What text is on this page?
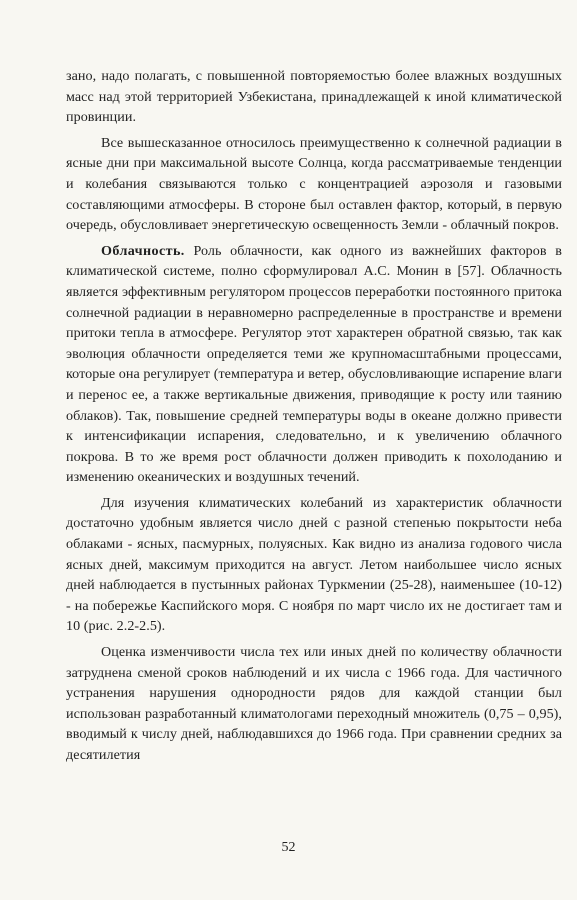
зано, надо полагать, с повышенной повторяемостью более влажных воздушных масс над этой территорией Узбекистана, принадлежащей к иной климатической провинции.

Все вышесказанное относилось преимущественно к солнечной радиации в ясные дни при максимальной высоте Солнца, когда рассматриваемые тенденции и колебания связываются только с концентрацией аэрозоля и газовыми составляющими атмосферы. В стороне был оставлен фактор, который, в первую очередь, обусловливает энергетическую освещенность Земли - облачный покров.

Облачность. Роль облачности, как одного из важнейших факторов в климатической системе, полно сформулировал А.С. Монин в [57]. Облачность является эффективным регулятором процессов переработки постоянного притока солнечной радиации в неравномерно распределенные в пространстве и времени притоки тепла в атмосфере. Регулятор этот характерен обратной связью, так как эволюция облачности определяется теми же крупномасштабными процессами, которые она регулирует (температура и ветер, обусловливающие испарение влаги и перенос ее, а также вертикальные движения, приводящие к росту или таянию облаков). Так, повышение средней температуры воды в океане должно привести к интенсификации испарения, следовательно, и к увеличению облачного покрова. В то же время рост облачности должен приводить к похолоданию и изменению океанических и воздушных течений.

Для изучения климатических колебаний из характеристик облачности достаточно удобным является число дней с разной степенью покрытости неба облаками - ясных, пасмурных, полуясных. Как видно из анализа годового числа ясных дней, максимум приходится на август. Летом наибольшее число ясных дней наблюдается в пустынных районах Туркмении (25-28), наименьшее (10-12) - на побережье Каспийского моря. С ноября по март число их не достигает там и 10 (рис. 2.2-2.5).

Оценка изменчивости числа тех или иных дней по количеству облачности затруднена сменой сроков наблюдений и их числа с 1966 года. Для частичного устранения нарушения однородности рядов для каждой станции был использован разработанный климатологами переходный множитель (0,75 – 0,95), вводимый к числу дней, наблюдавшихся до 1966 года. При сравнении средних за десятилетия

52
